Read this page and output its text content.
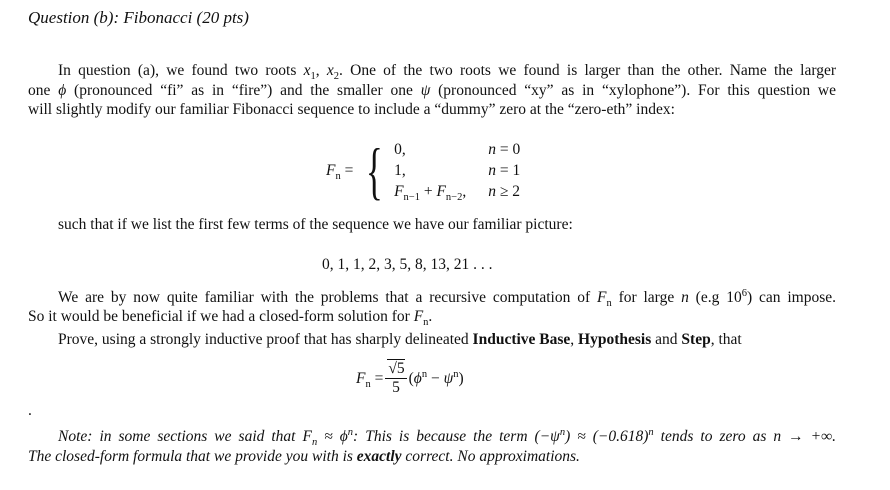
Question (b): Fibonacci (20 pts)
In question (a), we found two roots $x_1$, $x_2$. One of the two roots we found is larger than the other. Name the larger
one ϕ (pronounced “fi” as in “fire”) and the smaller one ψ (pronounced “xy” as in “xylophone”). For this question we
will slightly modify our familiar Fibonacci sequence to include a “dummy” zero at the “zero-eth” index:
$F_n$ = { 0,	n = 0
1,	n = 1
$F_{n-1} + F_{n-2}$, n ≥ 2
such that if we list the first few terms of the sequence we have our familiar picture:
0, 1, 1, 2, 3, 5, 8, 13, 21 . . .
We are by now quite familiar with the problems that a recursive computation of $F_n$ for large n (e.g $10^6$) can impose.
So it would be beneficial if we had a closed-form solution for $F_n$.
Prove, using a strongly inductive proof that has sharply delineated Inductive Base, Hypothesis and Step, that
$F_n = \frac{√5}{5} (\phi^n - \psi^n)$
.
Note: in some sections we said that $F_n \approx \phi^n$: This is because the term $(-\psi^n) \approx (-0.618)^n$ tends to zero as n → +∞.
The closed-form formula that we provide you with is exactly correct. No approximations.
